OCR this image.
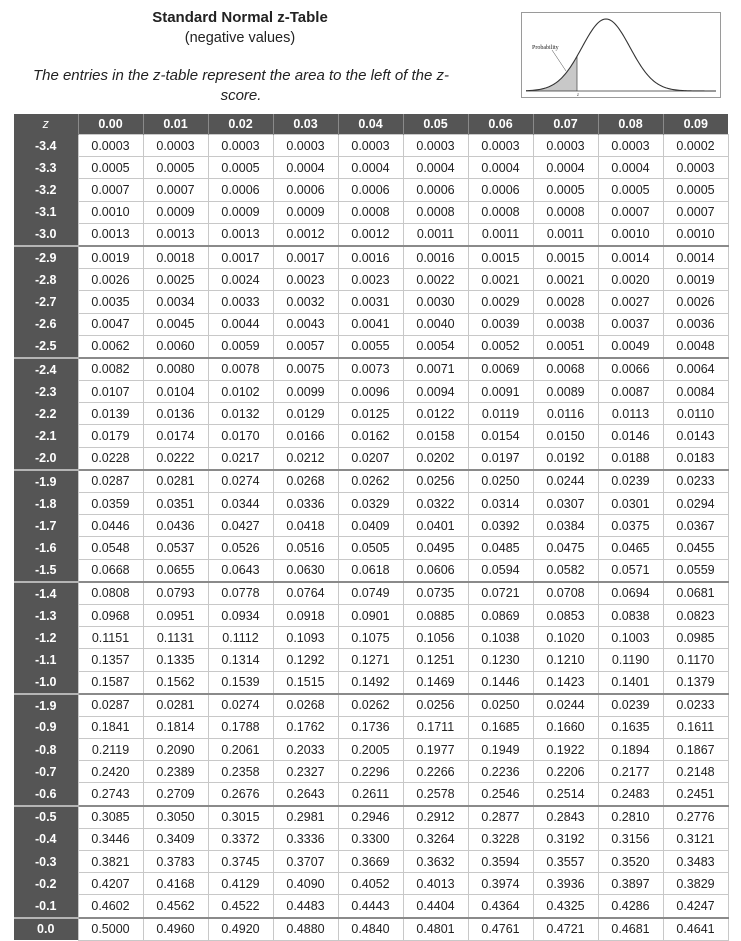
Standard Normal z-Table
(negative values)
The entries in the z-table represent the area to the left of the z-score.
Probability
z
z	0.00	0.01	0.02	0.03	0.04	0.05	0.06	0.07	0.08	0.09
-3.4	0.0003	0.0003	0.0003	0.0003	0.0003	0.0003	0.0003	0.0003	0.0003	0.0002
-3.3	0.0005	0.0005	0.0005	0.0004	0.0004	0.0004	0.0004	0.0004	0.0004	0.0003
-3.2	0.0007	0.0007	0.0006	0.0006	0.0006	0.0006	0.0006	0.0005	0.0005	0.0005
-3.1	0.0010	0.0009	0.0009	0.0009	0.0008	0.0008	0.0008	0.0008	0.0007	0.0007
-3.0	0.0013	0.0013	0.0013	0.0012	0.0012	0.0011	0.0011	0.0011	0.0010	0.0010
-2.9	0.0019	0.0018	0.0017	0.0017	0.0016	0.0016	0.0015	0.0015	0.0014	0.0014
-2.8	0.0026	0.0025	0.0024	0.0023	0.0023	0.0022	0.0021	0.0021	0.0020	0.0019
-2.7	0.0035	0.0034	0.0033	0.0032	0.0031	0.0030	0.0029	0.0028	0.0027	0.0026
-2.6	0.0047	0.0045	0.0044	0.0043	0.0041	0.0040	0.0039	0.0038	0.0037	0.0036
-2.5	0.0062	0.0060	0.0059	0.0057	0.0055	0.0054	0.0052	0.0051	0.0049	0.0048
-2.4	0.0082	0.0080	0.0078	0.0075	0.0073	0.0071	0.0069	0.0068	0.0066	0.0064
-2.3	0.0107	0.0104	0.0102	0.0099	0.0096	0.0094	0.0091	0.0089	0.0087	0.0084
-2.2	0.0139	0.0136	0.0132	0.0129	0.0125	0.0122	0.0119	0.0116	0.0113	0.0110
-2.1	0.0179	0.0174	0.0170	0.0166	0.0162	0.0158	0.0154	0.0150	0.0146	0.0143
-2.0	0.0228	0.0222	0.0217	0.0212	0.0207	0.0202	0.0197	0.0192	0.0188	0.0183
-1.9	0.0287	0.0281	0.0274	0.0268	0.0262	0.0256	0.0250	0.0244	0.0239	0.0233
-1.8	0.0359	0.0351	0.0344	0.0336	0.0329	0.0322	0.0314	0.0307	0.0301	0.0294
-1.7	0.0446	0.0436	0.0427	0.0418	0.0409	0.0401	0.0392	0.0384	0.0375	0.0367
-1.6	0.0548	0.0537	0.0526	0.0516	0.0505	0.0495	0.0485	0.0475	0.0465	0.0455
-1.5	0.0668	0.0655	0.0643	0.0630	0.0618	0.0606	0.0594	0.0582	0.0571	0.0559
-1.4	0.0808	0.0793	0.0778	0.0764	0.0749	0.0735	0.0721	0.0708	0.0694	0.0681
-1.3	0.0968	0.0951	0.0934	0.0918	0.0901	0.0885	0.0869	0.0853	0.0838	0.0823
-1.2	0.1151	0.1131	0.1112	0.1093	0.1075	0.1056	0.1038	0.1020	0.1003	0.0985
-1.1	0.1357	0.1335	0.1314	0.1292	0.1271	0.1251	0.1230	0.1210	0.1190	0.1170
-1.0	0.1587	0.1562	0.1539	0.1515	0.1492	0.1469	0.1446	0.1423	0.1401	0.1379
-1.9	0.0287	0.0281	0.0274	0.0268	0.0262	0.0256	0.0250	0.0244	0.0239	0.0233
-0.9	0.1841	0.1814	0.1788	0.1762	0.1736	0.1711	0.1685	0.1660	0.1635	0.1611
-0.8	0.2119	0.2090	0.2061	0.2033	0.2005	0.1977	0.1949	0.1922	0.1894	0.1867
-0.7	0.2420	0.2389	0.2358	0.2327	0.2296	0.2266	0.2236	0.2206	0.2177	0.2148
-0.6	0.2743	0.2709	0.2676	0.2643	0.2611	0.2578	0.2546	0.2514	0.2483	0.2451
-0.5	0.3085	0.3050	0.3015	0.2981	0.2946	0.2912	0.2877	0.2843	0.2810	0.2776
-0.4	0.3446	0.3409	0.3372	0.3336	0.3300	0.3264	0.3228	0.3192	0.3156	0.3121
-0.3	0.3821	0.3783	0.3745	0.3707	0.3669	0.3632	0.3594	0.3557	0.3520	0.3483
-0.2	0.4207	0.4168	0.4129	0.4090	0.4052	0.4013	0.3974	0.3936	0.3897	0.3829
-0.1	0.4602	0.4562	0.4522	0.4483	0.4443	0.4404	0.4364	0.4325	0.4286	0.4247
0.0	0.5000	0.4960	0.4920	0.4880	0.4840	0.4801	0.4761	0.4721	0.4681	0.4641
